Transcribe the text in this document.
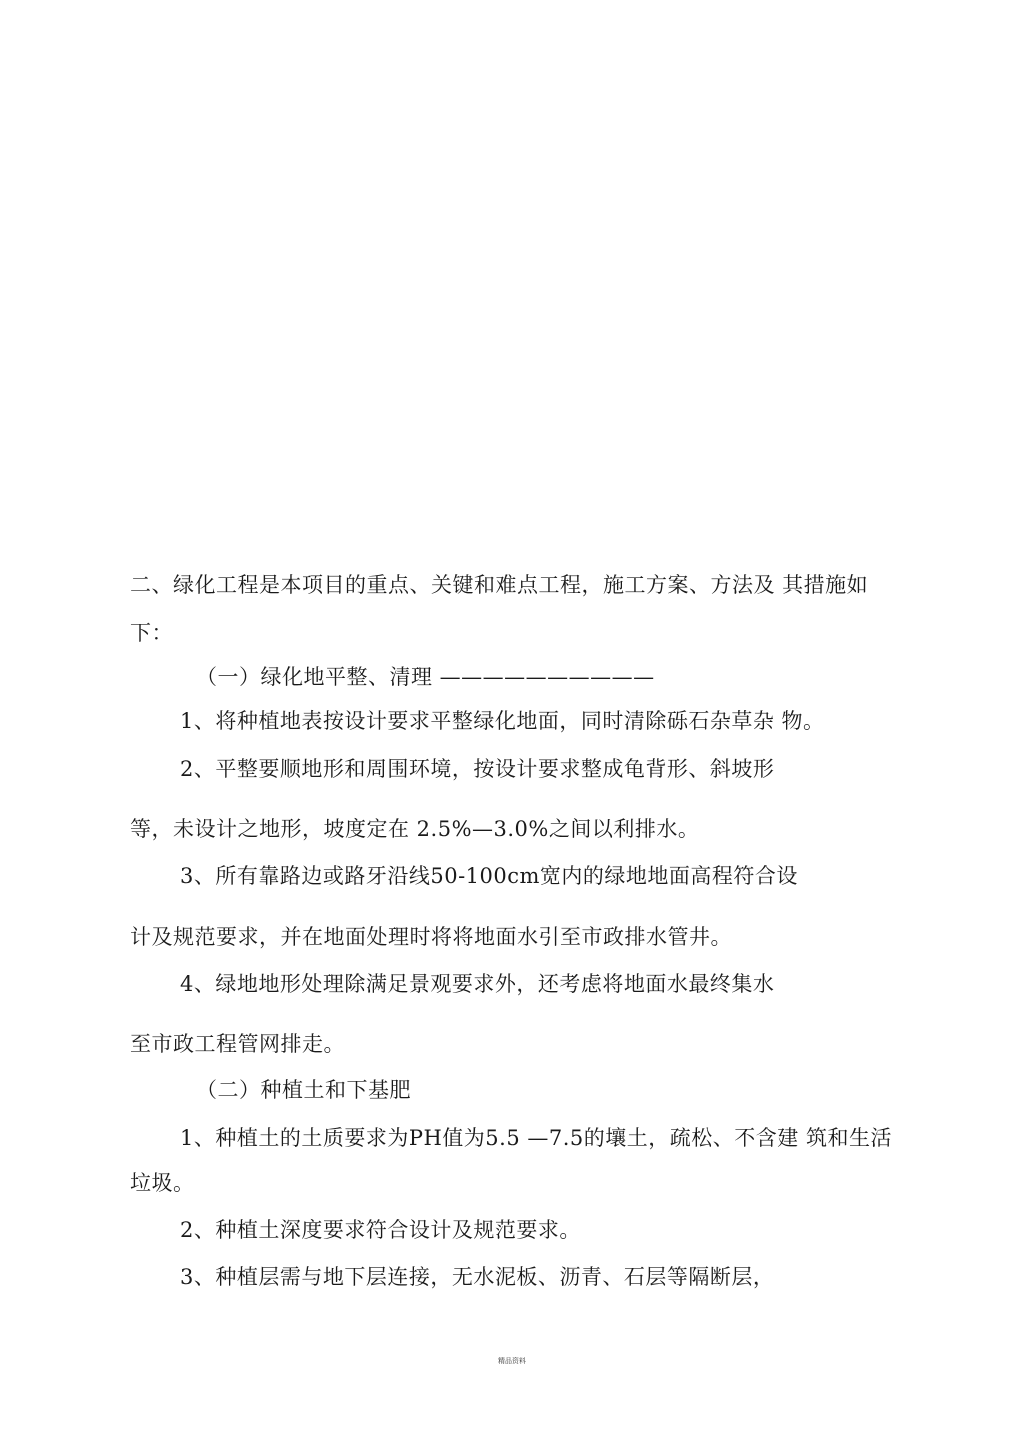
二、绿化工程是本项目的重点、关键和难点工程，施工方案、方法及 其措施如
下：
（一）绿化地平整、清理 ——————————
1、将种植地表按设计要求平整绿化地面，同时清除砾石杂草杂 物。
2、平整要顺地形和周围环境，按设计要求整成龟背形、斜坡形
等，未设计之地形，坡度定在 2.5%—3.0%之间以利排水。
3、所有靠路边或路牙沿线50-100cm宽内的绿地地面高程符合设
计及规范要求，并在地面处理时将将地面水引至市政排水管井。
4、绿地地形处理除满足景观要求外，还考虑将地面水最终集水
至市政工程管网排走。
（二）种植土和下基肥
1、种植土的土质要求为PH值为5.5 —7.5的壤土，疏松、不含建 筑和生活
垃圾。
2、种植土深度要求符合设计及规范要求。
3、种植层需与地下层连接，无水泥板、沥青、石层等隔断层，
精品资料
